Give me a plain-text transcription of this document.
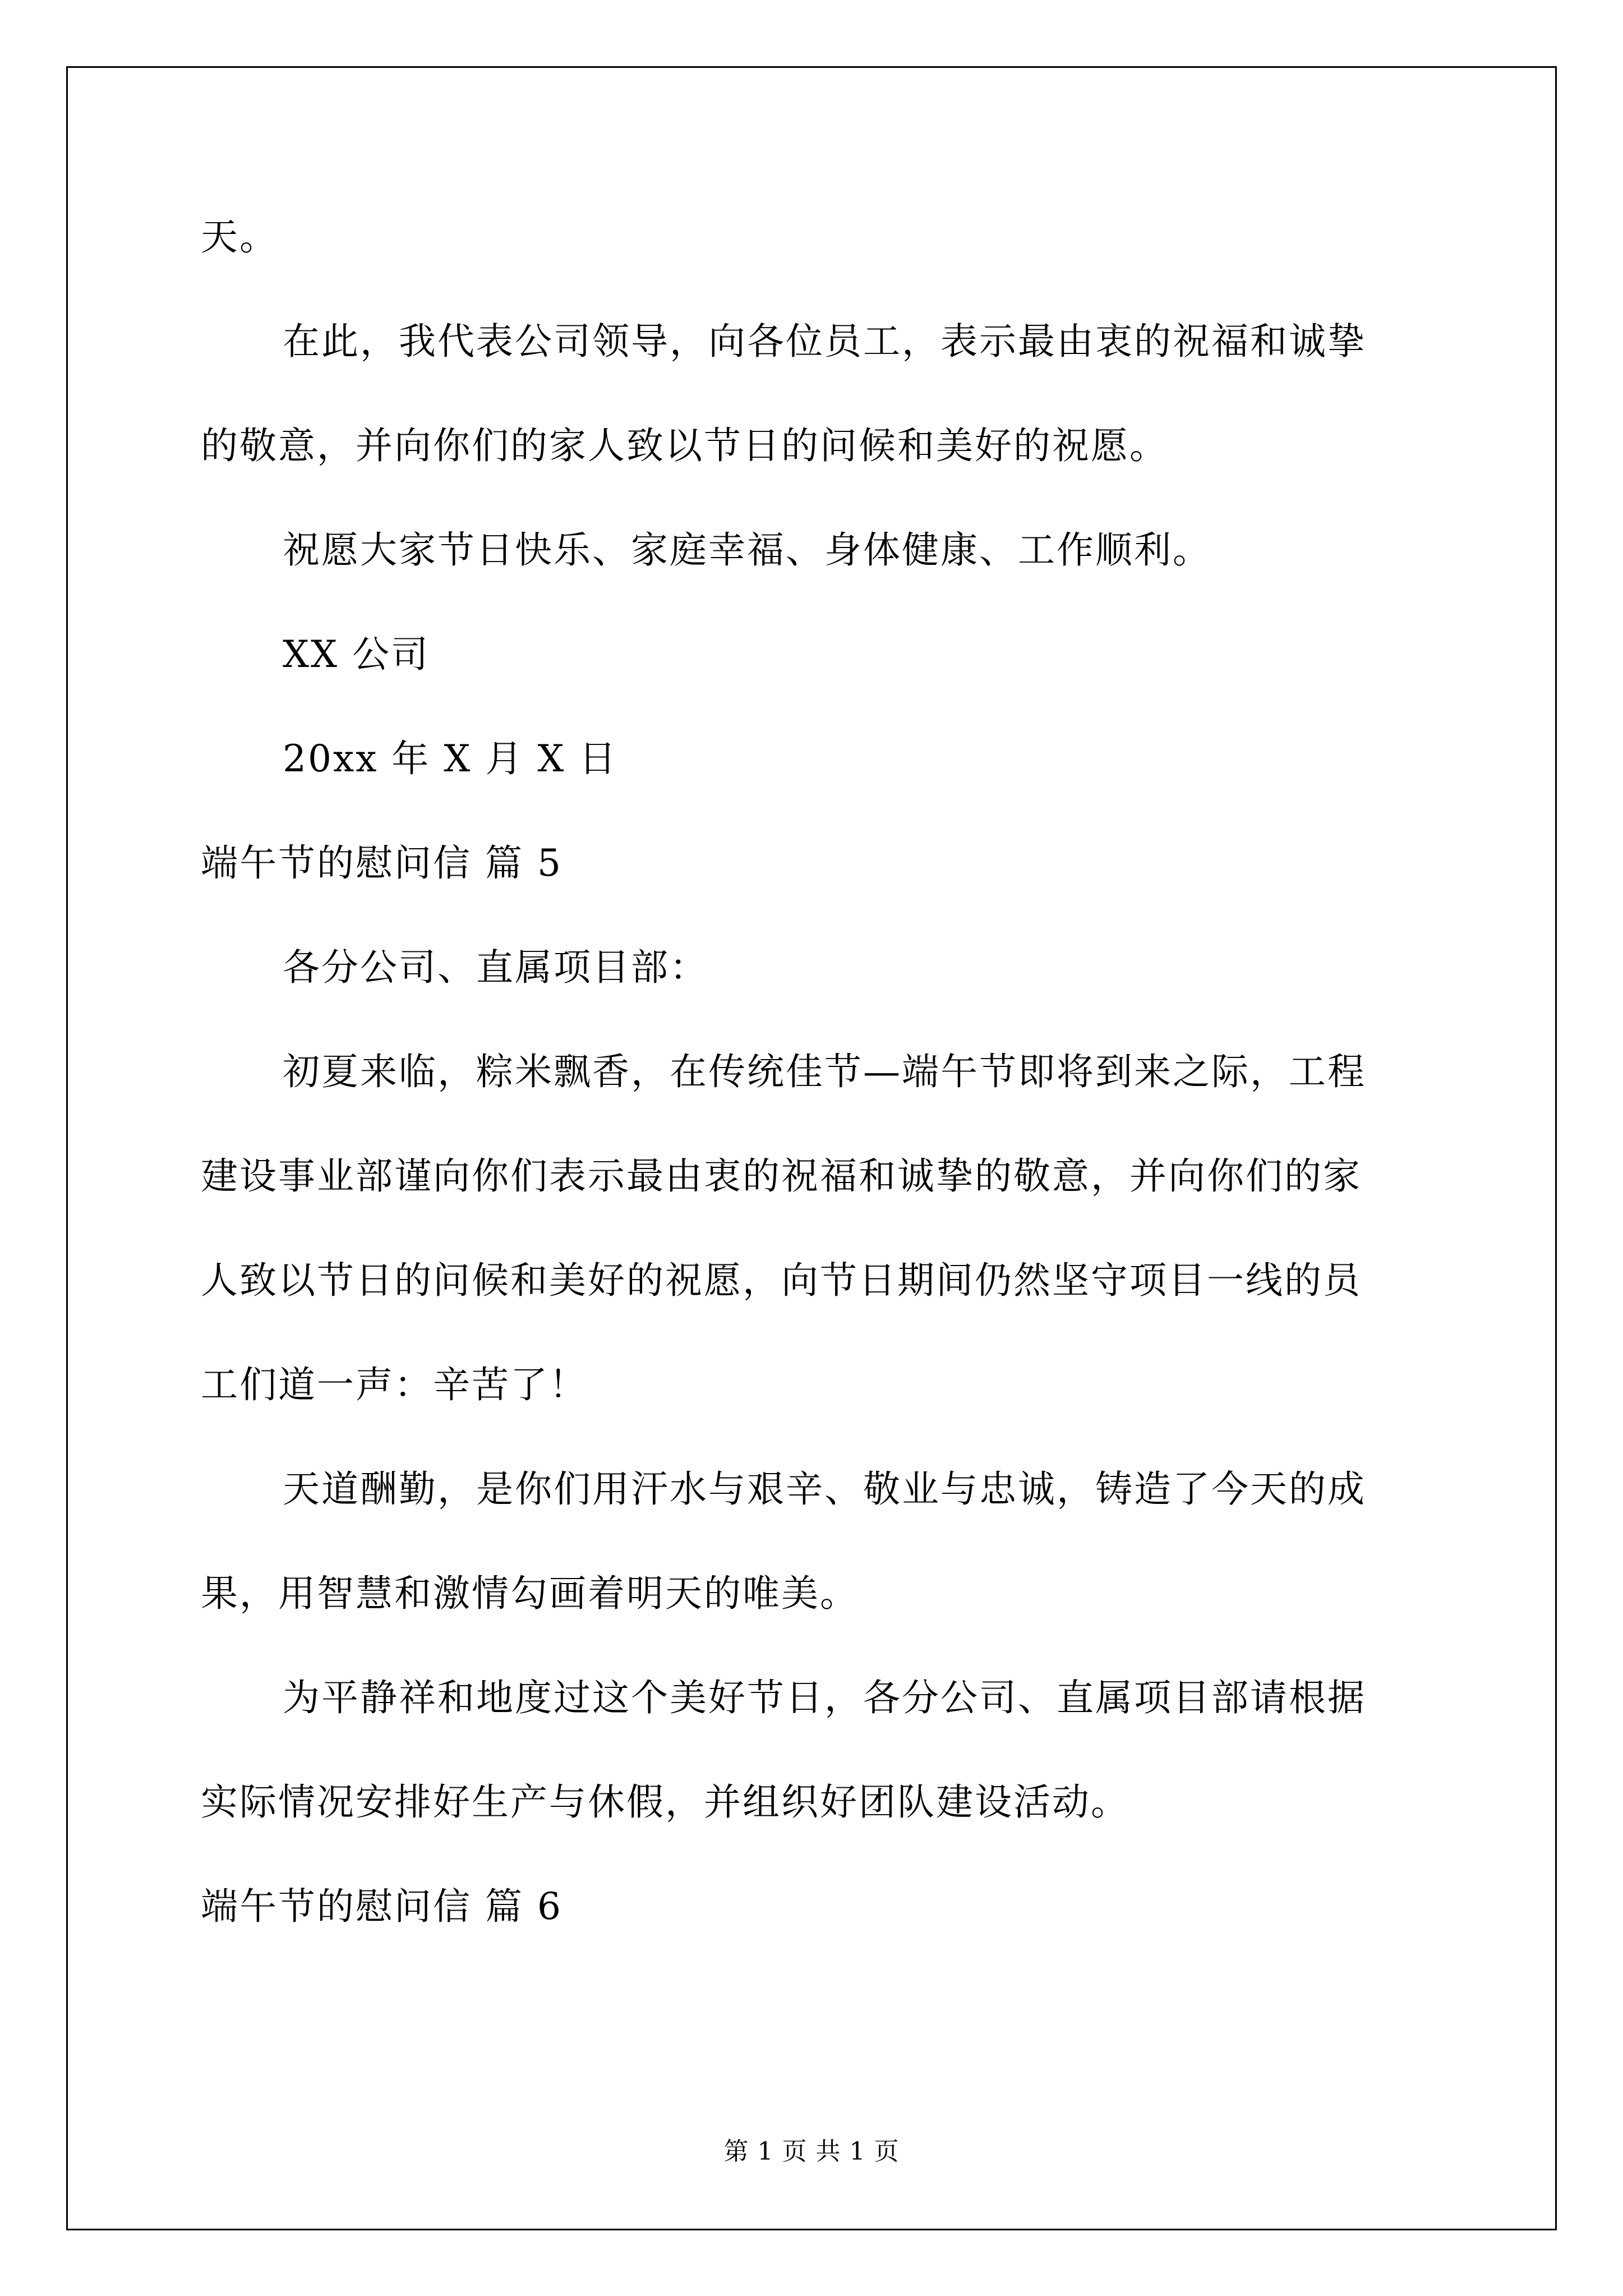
天。
在此，我代表公司领导，向各位员工，表示最由衷的祝福和诚挚
的敬意，并向你们的家人致以节日的问候和美好的祝愿。
祝愿大家节日快乐、家庭幸福、身体健康、工作顺利。
XX 公司
20xx 年 X 月 X 日
端午节的慰问信 篇 5
各分公司、直属项目部：
初夏来临，粽米飘香，在传统佳节—端午节即将到来之际，工程
建设事业部谨向你们表示最由衷的祝福和诚挚的敬意，并向你们的家
人致以节日的问候和美好的祝愿，向节日期间仍然坚守项目一线的员
工们道一声：辛苦了！
天道酬勤，是你们用汗水与艰辛、敬业与忠诚，铸造了今天的成
果，用智慧和激情勾画着明天的唯美。
为平静祥和地度过这个美好节日，各分公司、直属项目部请根据
实际情况安排好生产与休假，并组织好团队建设活动。
端午节的慰问信 篇 6
第 1 页 共 1 页
